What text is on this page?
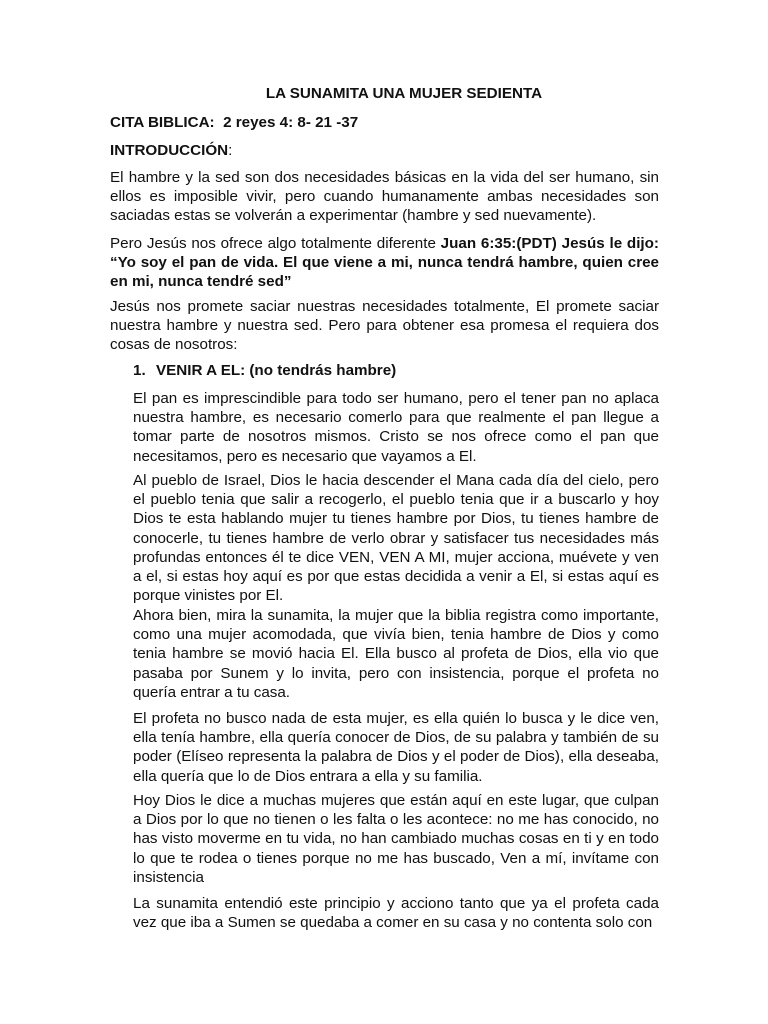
LA SUNAMITA UNA MUJER SEDIENTA

CITA BIBLICA: 2 reyes 4: 8- 21 -37

INTRODUCCIÓN:

El hambre y la sed son dos necesidades básicas en la vida del ser humano, sin ellos es imposible vivir, pero cuando humanamente ambas necesidades son saciadas estas se volverán a experimentar (hambre y sed nuevamente).

Pero Jesús nos ofrece algo totalmente diferente Juan 6:35:(PDT) Jesús le dijo: “Yo soy el pan de vida. El que viene a mi, nunca tendrá hambre, quien cree en mi, nunca tendré sed”

Jesús nos promete saciar nuestras necesidades totalmente, El promete saciar nuestra hambre y nuestra sed. Pero para obtener esa promesa el requiera dos cosas de nosotros:

1. VENIR A EL: (no tendrás hambre)

El pan es imprescindible para todo ser humano, pero el tener pan no aplaca nuestra hambre, es necesario comerlo para que realmente el pan llegue a tomar parte de nosotros mismos. Cristo se nos ofrece como el pan que necesitamos, pero es necesario que vayamos a El.

Al pueblo de Israel, Dios le hacia descender el Mana cada día del cielo, pero el pueblo tenia que salir a recogerlo, el pueblo tenia que ir a buscarlo y hoy Dios te esta hablando mujer tu tienes hambre por Dios, tu tienes hambre de conocerle, tu tienes hambre de verlo obrar y satisfacer tus necesidades más profundas entonces él te dice VEN, VEN A MI, mujer acciona, muévete y ven a el, si estas hoy aquí es por que estas decidida a venir a El, si estas aquí es porque vinistes por El.

Ahora bien, mira la sunamita, la mujer que la biblia registra como importante, como una mujer acomodada, que vivía bien, tenia hambre de Dios y como tenia hambre se movió hacia El. Ella busco al profeta de Dios, ella vio que pasaba por Sunem y lo invita, pero con insistencia, porque el profeta no quería entrar a tu casa.

El profeta no busco nada de esta mujer, es ella quién lo busca y le dice ven, ella tenía hambre, ella quería conocer de Dios, de su palabra y también de su poder (Elíseo representa la palabra de Dios y el poder de Dios), ella deseaba, ella quería que lo de Dios entrara a ella y su familia.

Hoy Dios le dice a muchas mujeres que están aquí en este lugar, que culpan a Dios por lo que no tienen o les falta o les acontece: no me has conocido, no has visto moverme en tu vida, no han cambiado muchas cosas en ti y en todo lo que te rodea o tienes porque no me has buscado, Ven a mí, invítame con insistencia

La sunamita entendió este principio y acciono tanto que ya el profeta cada vez que iba a Sumen se quedaba a comer en su casa y no contenta solo con
